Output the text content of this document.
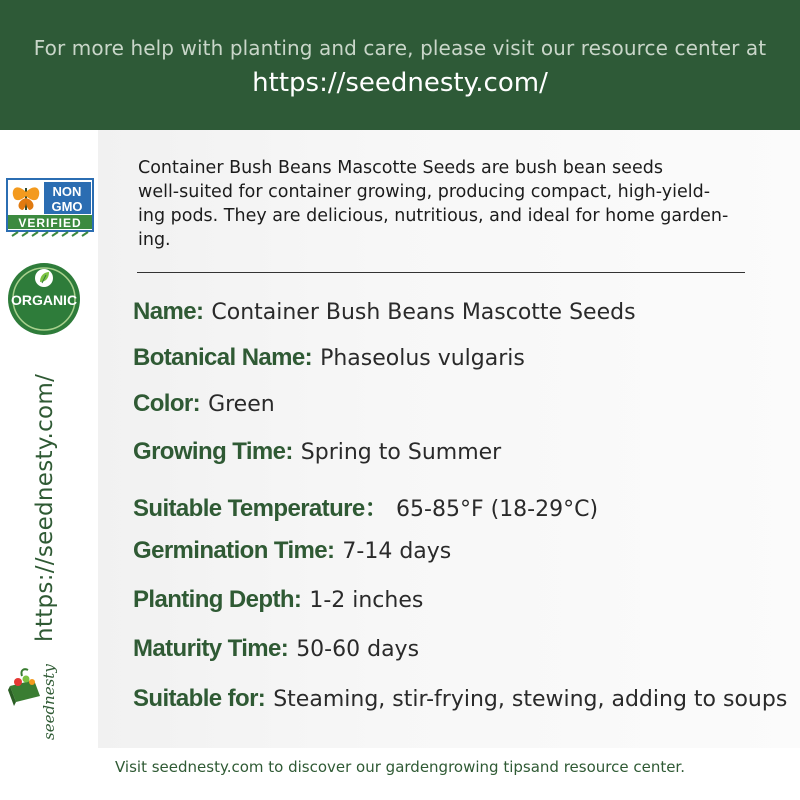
For more help with planting and care, please visit our resource center at
https://seednesty.com/
NON
GMO
VERIFIED
ORGANIC
https://seednesty.com/
seednesty
Container Bush Beans Mascotte Seeds are bush bean seeds
well-suited for container growing, producing compact, high-yield-
ing pods. They are delicious, nutritious, and ideal for home garden-
ing.
Name: Container Bush Beans Mascotte Seeds
Botanical Name: Phaseolus vulgaris
Color: Green
Growing Time: Spring to Summer
Suitable Temperature： 65-85°F (18-29°C)
Germination Time: 7-14 days
Planting Depth: 1-2 inches
Maturity Time: 50-60 days
Suitable for: Steaming, stir-frying, stewing, adding to soups
Visit seednesty.com to discover our gardengrowing tipsand resource center.
